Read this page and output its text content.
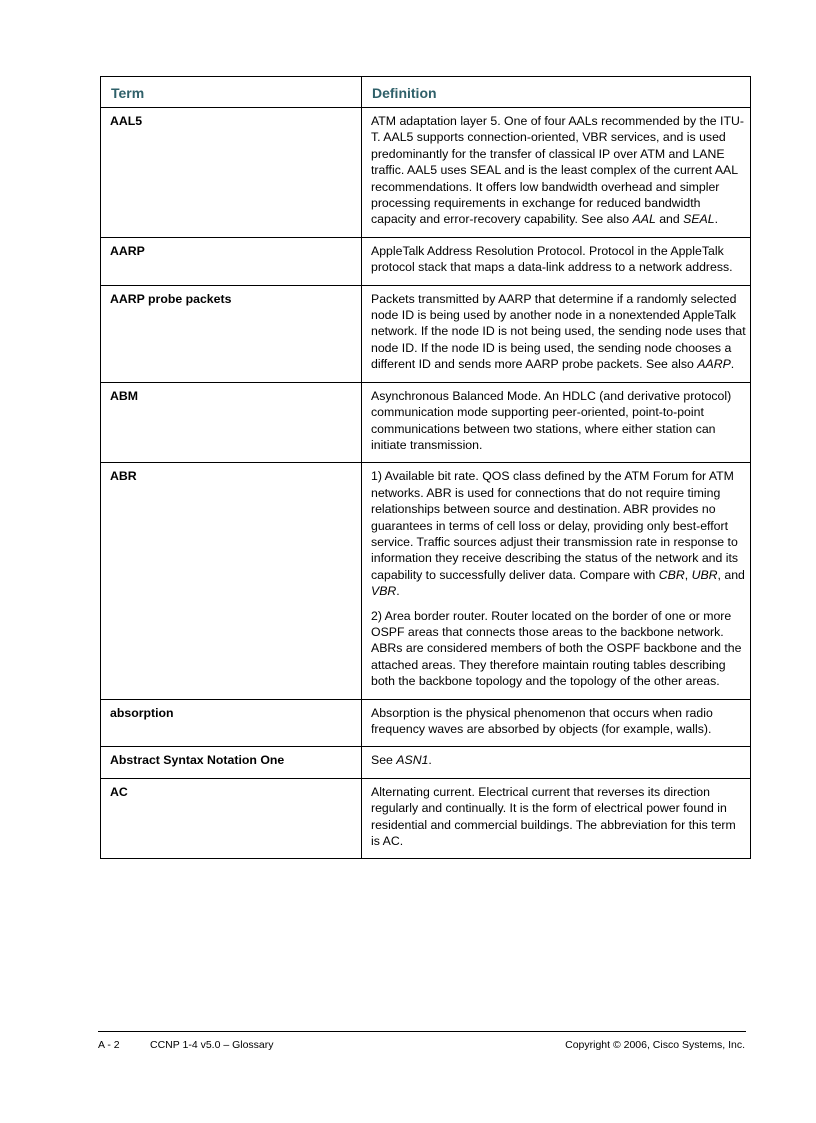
Term	Definition
AAL5	ATM adaptation layer 5. One of four AALs recommended by the ITU-T. AAL5 supports connection-oriented, VBR services, and is used predominantly for the transfer of classical IP over ATM and LANE traffic. AAL5 uses SEAL and is the least complex of the current AAL recommendations. It offers low bandwidth overhead and simpler processing requirements in exchange for reduced bandwidth capacity and error-recovery capability. See also AAL and SEAL.

AARP	AppleTalk Address Resolution Protocol. Protocol in the AppleTalk protocol stack that maps a data-link address to a network address.

AARP probe packets	Packets transmitted by AARP that determine if a randomly selected node ID is being used by another node in a nonextended AppleTalk network. If the node ID is not being used, the sending node uses that node ID. If the node ID is being used, the sending node chooses a different ID and sends more AARP probe packets. See also AARP.

ABM	Asynchronous Balanced Mode. An HDLC (and derivative protocol) communication mode supporting peer-oriented, point-to-point communications between two stations, where either station can initiate transmission.

ABR	1) Available bit rate. QOS class defined by the ATM Forum for ATM networks. ABR is used for connections that do not require timing relationships between source and destination. ABR provides no guarantees in terms of cell loss or delay, providing only best-effort service. Traffic sources adjust their transmission rate in response to information they receive describing the status of the network and its capability to successfully deliver data. Compare with CBR, UBR, and VBR.

2) Area border router. Router located on the border of one or more OSPF areas that connects those areas to the backbone network. ABRs are considered members of both the OSPF backbone and the attached areas. They therefore maintain routing tables describing both the backbone topology and the topology of the other areas.

absorption	Absorption is the physical phenomenon that occurs when radio frequency waves are absorbed by objects (for example, walls).

Abstract Syntax Notation One	See ASN1.

AC	Alternating current. Electrical current that reverses its direction regularly and continually. It is the form of electrical power found in residential and commercial buildings. The abbreviation for this term is AC.

A - 2	CCNP 1-4 v5.0 – Glossary	Copyright © 2006, Cisco Systems, Inc.
